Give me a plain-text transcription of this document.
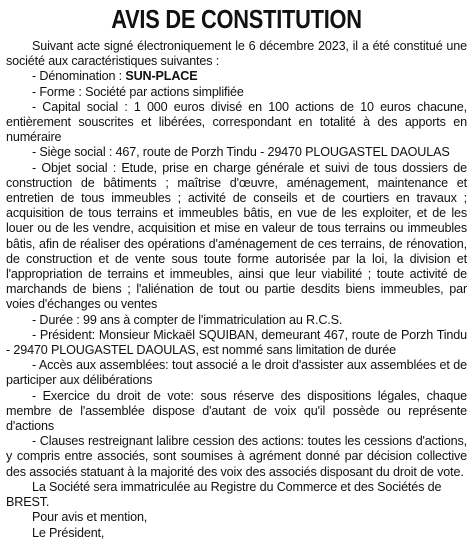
AVIS DE CONSTITUTION

Suivant acte signé électroniquement le 6 décembre 2023, il a été constitué une société aux caractéristiques suivantes :

- Dénomination : SUN-PLACE

- Forme : Société par actions simplifiée

- Capital social : 1 000 euros divisé en 100 actions de 10 euros chacune, entièrement souscrites et libérées, correspondant en totalité à des apports en numéraire

- Siège social : 467, route de Porzh Tindu - 29470 PLOUGASTEL DAOULAS

- Objet social : Etude, prise en charge générale et suivi de tous dossiers de construction de bâtiments ; maîtrise d'œuvre, aménagement, maintenance et entretien de tous immeubles ; activité de conseils et de courtiers en travaux ; acquisition de tous terrains et immeubles bâtis, en vue de les exploiter, et de les louer ou de les vendre, acquisition et mise en valeur de tous terrains ou immeubles bâtis, afin de réaliser des opérations d'aménagement de ces terrains, de rénovation, de construction et de vente sous toute forme autorisée par la loi, la division et l'appropriation de terrains et immeubles, ainsi que leur viabilité ; toute activité de marchands de biens ; l'aliénation de tout ou partie desdits biens immeubles, par voies d'échanges ou ventes

- Durée : 99 ans à compter de l'immatriculation au R.C.S.

- Président: Monsieur Mickaël SQUIBAN, demeurant 467, route de Porzh Tindu - 29470 PLOUGASTEL DAOULAS, est nommé sans limitation de durée

- Accès aux assemblées: tout associé a le droit d'assister aux assemblées et de participer aux délibérations

- Exercice du droit de vote: sous réserve des dispositions légales, chaque membre de l'assemblée dispose d'autant de voix qu'il possède ou représente d'actions

- Clauses restreignant lalibre cession des actions: toutes les cessions d'actions, y compris entre associés, sont soumises à agrément donné par décision collective des associés statuant à la majorité des voix des associés disposant du droit de vote.

La Société sera immatriculée au Registre du Commerce et des Sociétés de BREST.

Pour avis et mention,

Le Président,
